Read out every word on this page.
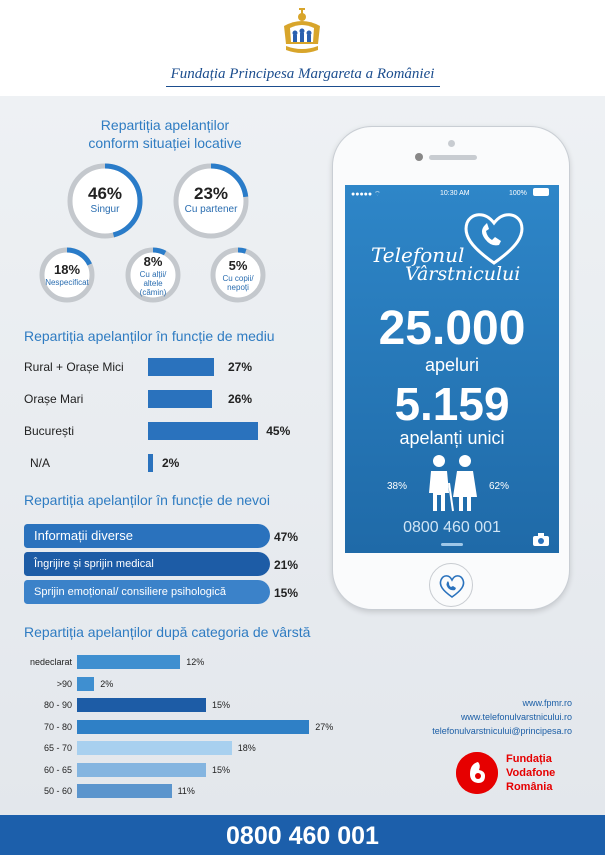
Fundația Principesa Margareta a României
Repartiția apelanților
conform situației locative
46%
Singur
23%
Cu partener
18%
Nespecificat
8%
Cu alții/
altele
(cămin)
5%
Cu copii/
nepoți
Repartiția apelanților în funcție de mediu
Rural + Orașe Mici	27%
Orașe Mari	26%
București	45%
N/A	2%
Repartiția apelanților în funcție de nevoi
Informații diverse	47%
Îngrijire și sprijin medical	21%
Sprijin emoțional/ consiliere psihologică	15%
Repartiția apelanților după categoria de vârstă
nedeclarat	12%
>90	2%
80 - 90	15%
70 - 80	27%
65 - 70	18%
60 - 65	15%
50 - 60	11%
●●●●● ⌔	10:30 AM	100%
Telefonul
Vârstnicului
25.000
apeluri
5.159
apelanți unici
38%	62%
0800 460 001
www.fpmr.ro
www.telefonulvarstnicului.ro
telefonulvarstnicului@principesa.ro
Fundația
Vodafone
România
0800 460 001
